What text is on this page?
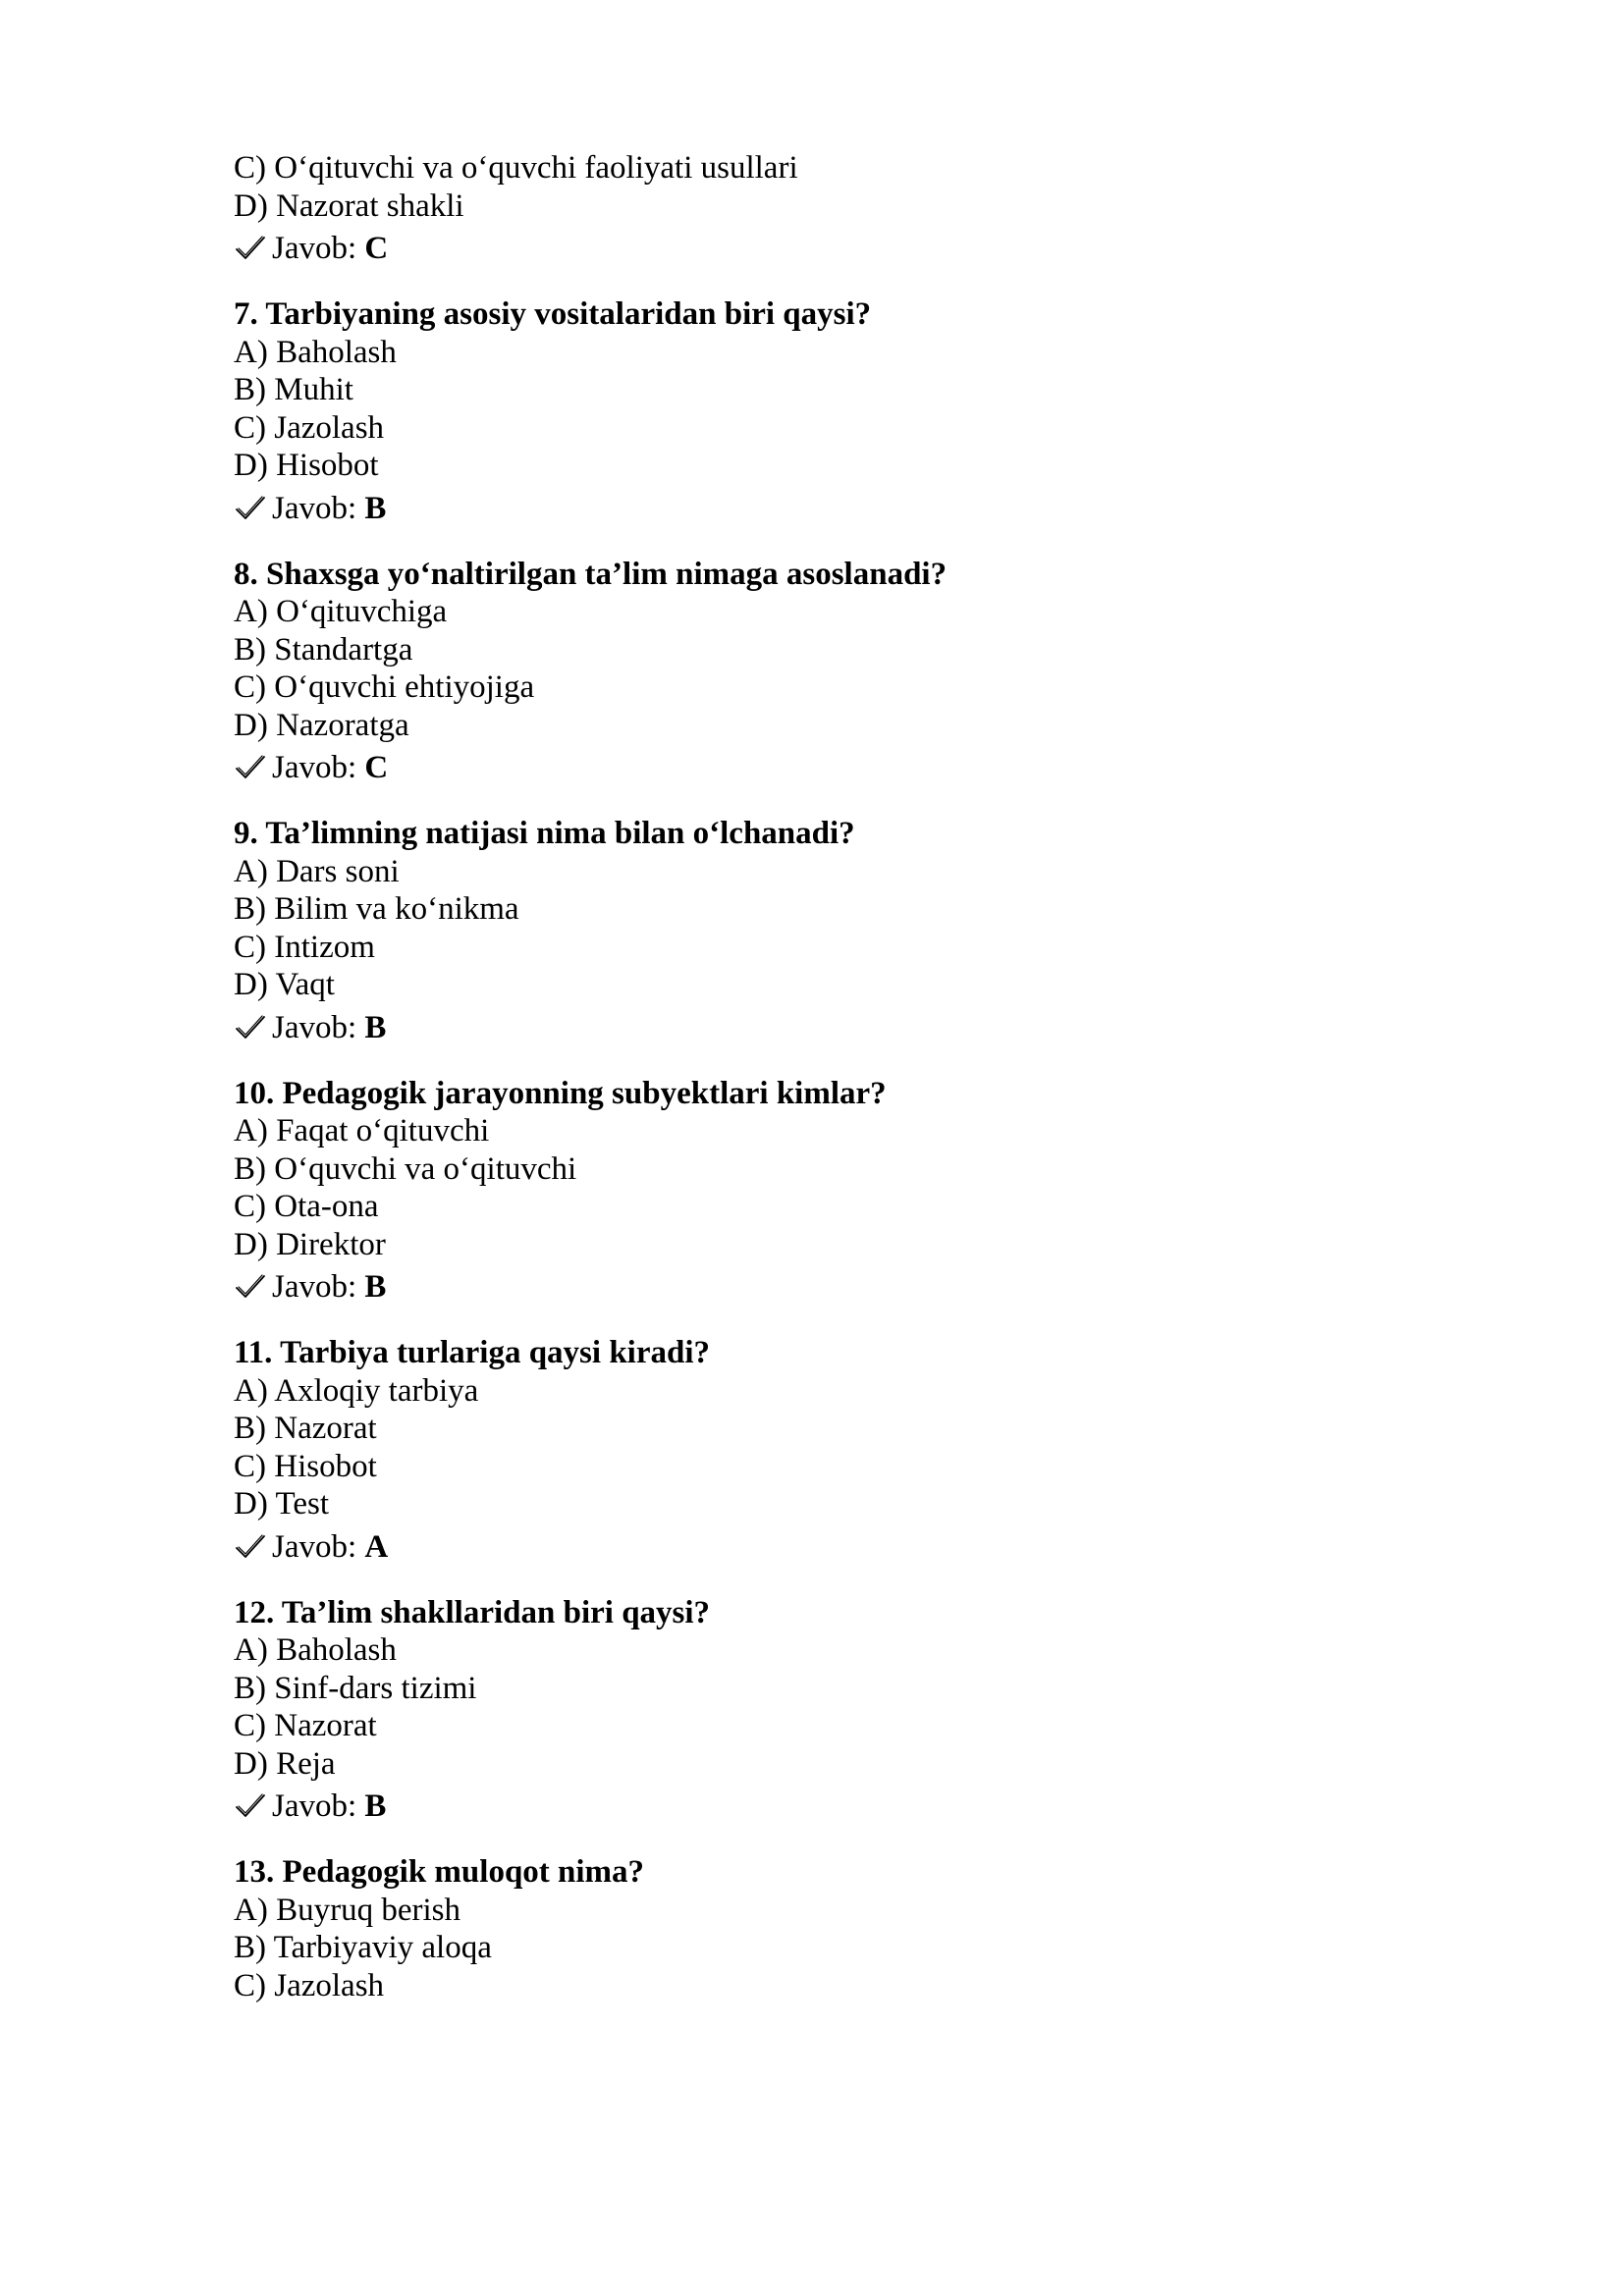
C) O‘qituvchi va o‘quvchi faoliyati usullari
D) Nazorat shakli
Javob: C
7. Tarbiyaning asosiy vositalaridan biri qaysi?
A) Baholash
B) Muhit
C) Jazolash
D) Hisobot
Javob: B
8. Shaxsga yo‘naltirilgan ta’lim nimaga asoslanadi?
A) O‘qituvchiga
B) Standartga
C) O‘quvchi ehtiyojiga
D) Nazoratga
Javob: C
9. Ta’limning natijasi nima bilan o‘lchanadi?
A) Dars soni
B) Bilim va ko‘nikma
C) Intizom
D) Vaqt
Javob: B
10. Pedagogik jarayonning subyektlari kimlar?
A) Faqat o‘qituvchi
B) O‘quvchi va o‘qituvchi
C) Ota-ona
D) Direktor
Javob: B
11. Tarbiya turlariga qaysi kiradi?
A) Axloqiy tarbiya
B) Nazorat
C) Hisobot
D) Test
Javob: A
12. Ta’lim shakllaridan biri qaysi?
A) Baholash
B) Sinf-dars tizimi
C) Nazorat
D) Reja
Javob: B
13. Pedagogik muloqot nima?
A) Buyruq berish
B) Tarbiyaviy aloqa
C) Jazolash
